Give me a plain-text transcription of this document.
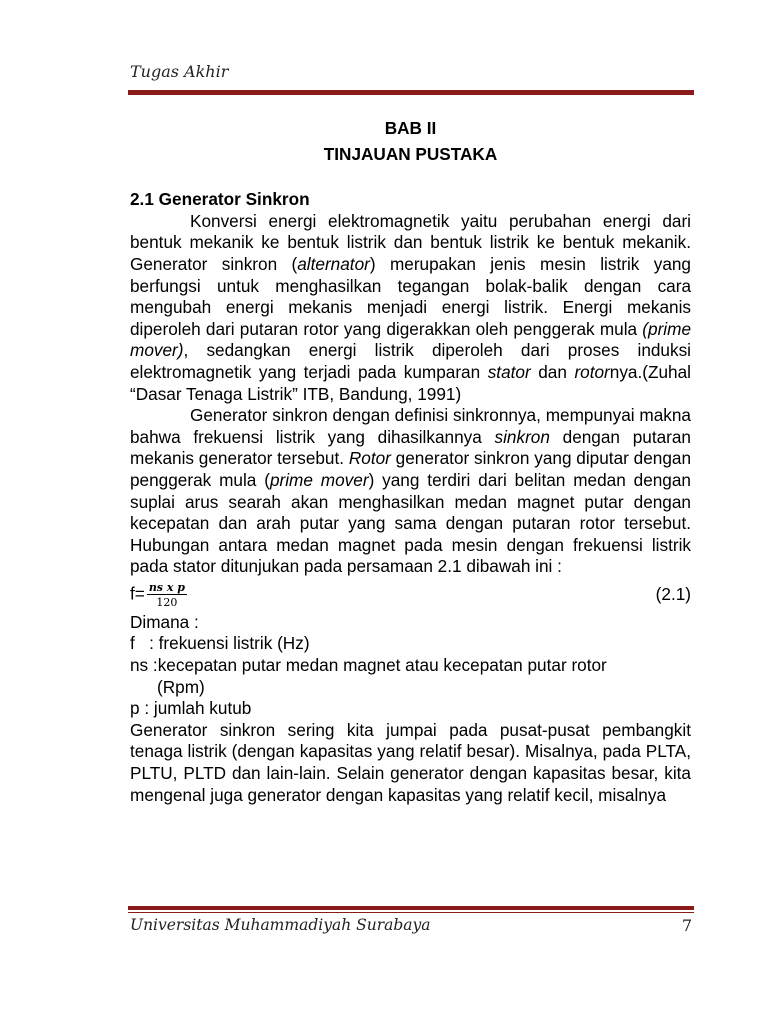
Tugas Akhir
BAB II
TINJAUAN PUSTAKA
2.1 Generator Sinkron

Konversi energi elektromagnetik yaitu perubahan energi dari bentuk mekanik ke bentuk listrik dan bentuk listrik ke bentuk mekanik. Generator sinkron (alternator) merupakan jenis mesin listrik yang berfungsi untuk menghasilkan tegangan bolak-balik dengan cara mengubah energi mekanis menjadi energi listrik. Energi mekanis diperoleh dari putaran rotor yang digerakkan oleh penggerak mula (prime mover), sedangkan energi listrik diperoleh dari proses induksi elektromagnetik yang terjadi pada kumparan stator dan rotornya.(Zuhal “Dasar Tenaga Listrik” ITB, Bandung, 1991)

Generator sinkron dengan definisi sinkronnya, mempunyai makna bahwa frekuensi listrik yang dihasilkannya sinkron dengan putaran mekanis generator tersebut. Rotor generator sinkron yang diputar dengan penggerak mula (prime mover) yang terdiri dari belitan medan dengan suplai arus searah akan menghasilkan medan magnet putar dengan kecepatan dan arah putar yang sama dengan putaran rotor tersebut. Hubungan antara medan magnet pada mesin dengan frekuensi listrik pada stator ditunjukan pada persamaan 2.1 dibawah ini :

$f= \frac{\text{ns x p}}{120}$	(2.1)

Dimana :

f   : frekuensi listrik (Hz)

ns :kecepatan putar medan magnet atau kecepatan putar rotor

(Rpm)

p : jumlah kutub

Generator sinkron sering kita jumpai pada pusat-pusat pembangkit tenaga listrik (dengan kapasitas yang relatif besar). Misalnya, pada PLTA, PLTU, PLTD dan lain-lain. Selain generator dengan kapasitas besar, kita mengenal juga generator dengan kapasitas yang relatif kecil, misalnya

Universitas Muhammadiyah Surabaya	7
